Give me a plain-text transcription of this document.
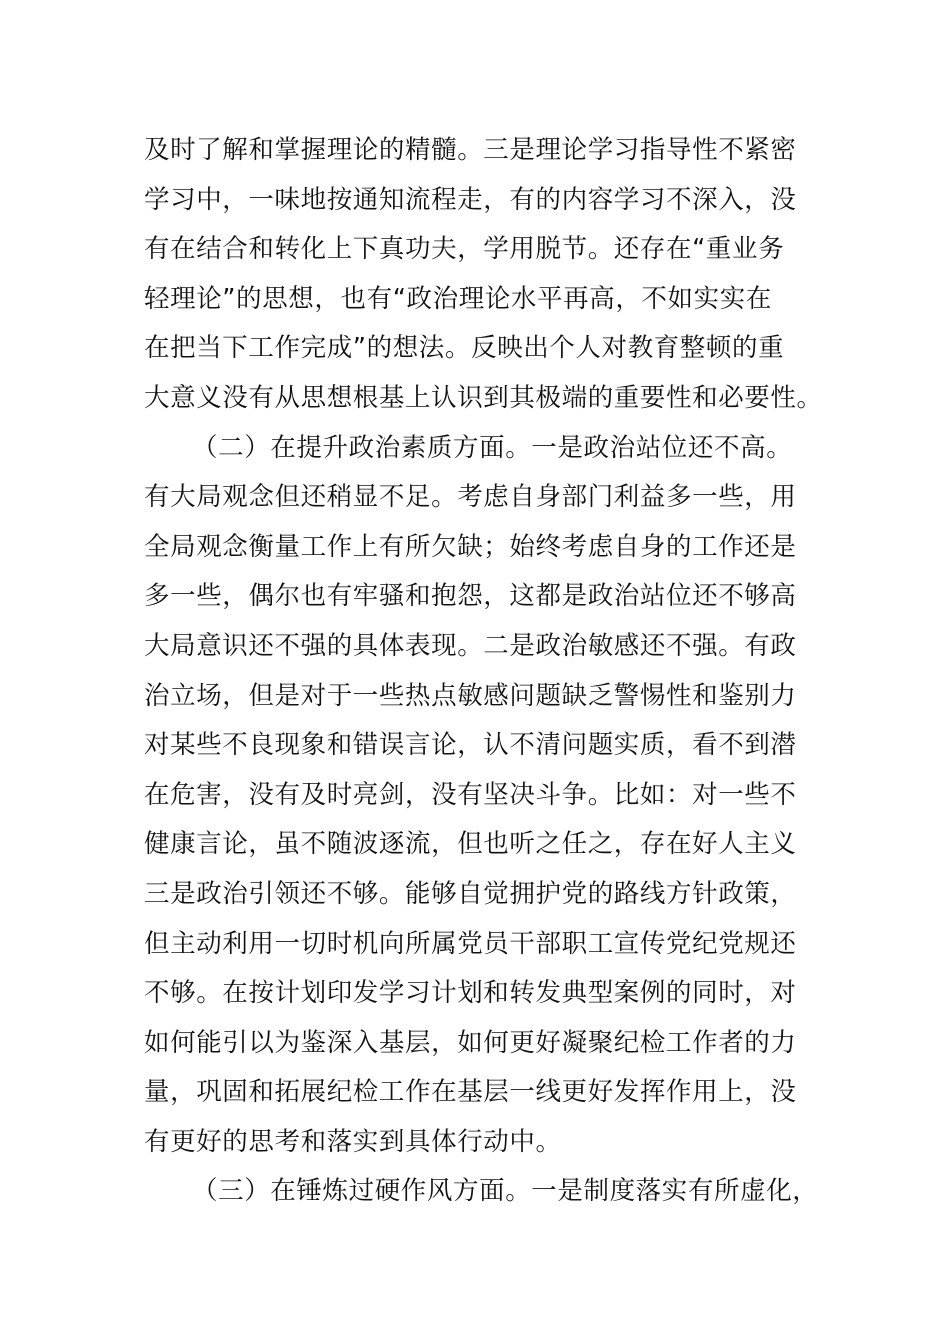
及时了解和掌握理论的精髓。三是理论学习指导性不紧密
学习中，一味地按通知流程走，有的内容学习不深入，没
有在结合和转化上下真功夫，学用脱节。还存在“重业务
轻理论”的思想，也有“政治理论水平再高，不如实实在
在把当下工作完成”的想法。反映出个人对教育整顿的重
大意义没有从思想根基上认识到其极端的重要性和必要性。
（二）在提升政治素质方面。一是政治站位还不高。
有大局观念但还稍显不足。考虑自身部门利益多一些，用
全局观念衡量工作上有所欠缺；始终考虑自身的工作还是
多一些，偶尔也有牢骚和抱怨，这都是政治站位还不够高
大局意识还不强的具体表现。二是政治敏感还不强。有政
治立场，但是对于一些热点敏感问题缺乏警惕性和鉴别力
对某些不良现象和错误言论，认不清问题实质，看不到潜
在危害，没有及时亮剑，没有坚决斗争。比如：对一些不
健康言论，虽不随波逐流，但也听之任之，存在好人主义
三是政治引领还不够。能够自觉拥护党的路线方针政策，
但主动利用一切时机向所属党员干部职工宣传党纪党规还
不够。在按计划印发学习计划和转发典型案例的同时，对
如何能引以为鉴深入基层，如何更好凝聚纪检工作者的力
量，巩固和拓展纪检工作在基层一线更好发挥作用上，没
有更好的思考和落实到具体行动中。
（三）在锤炼过硬作风方面。一是制度落实有所虚化，
